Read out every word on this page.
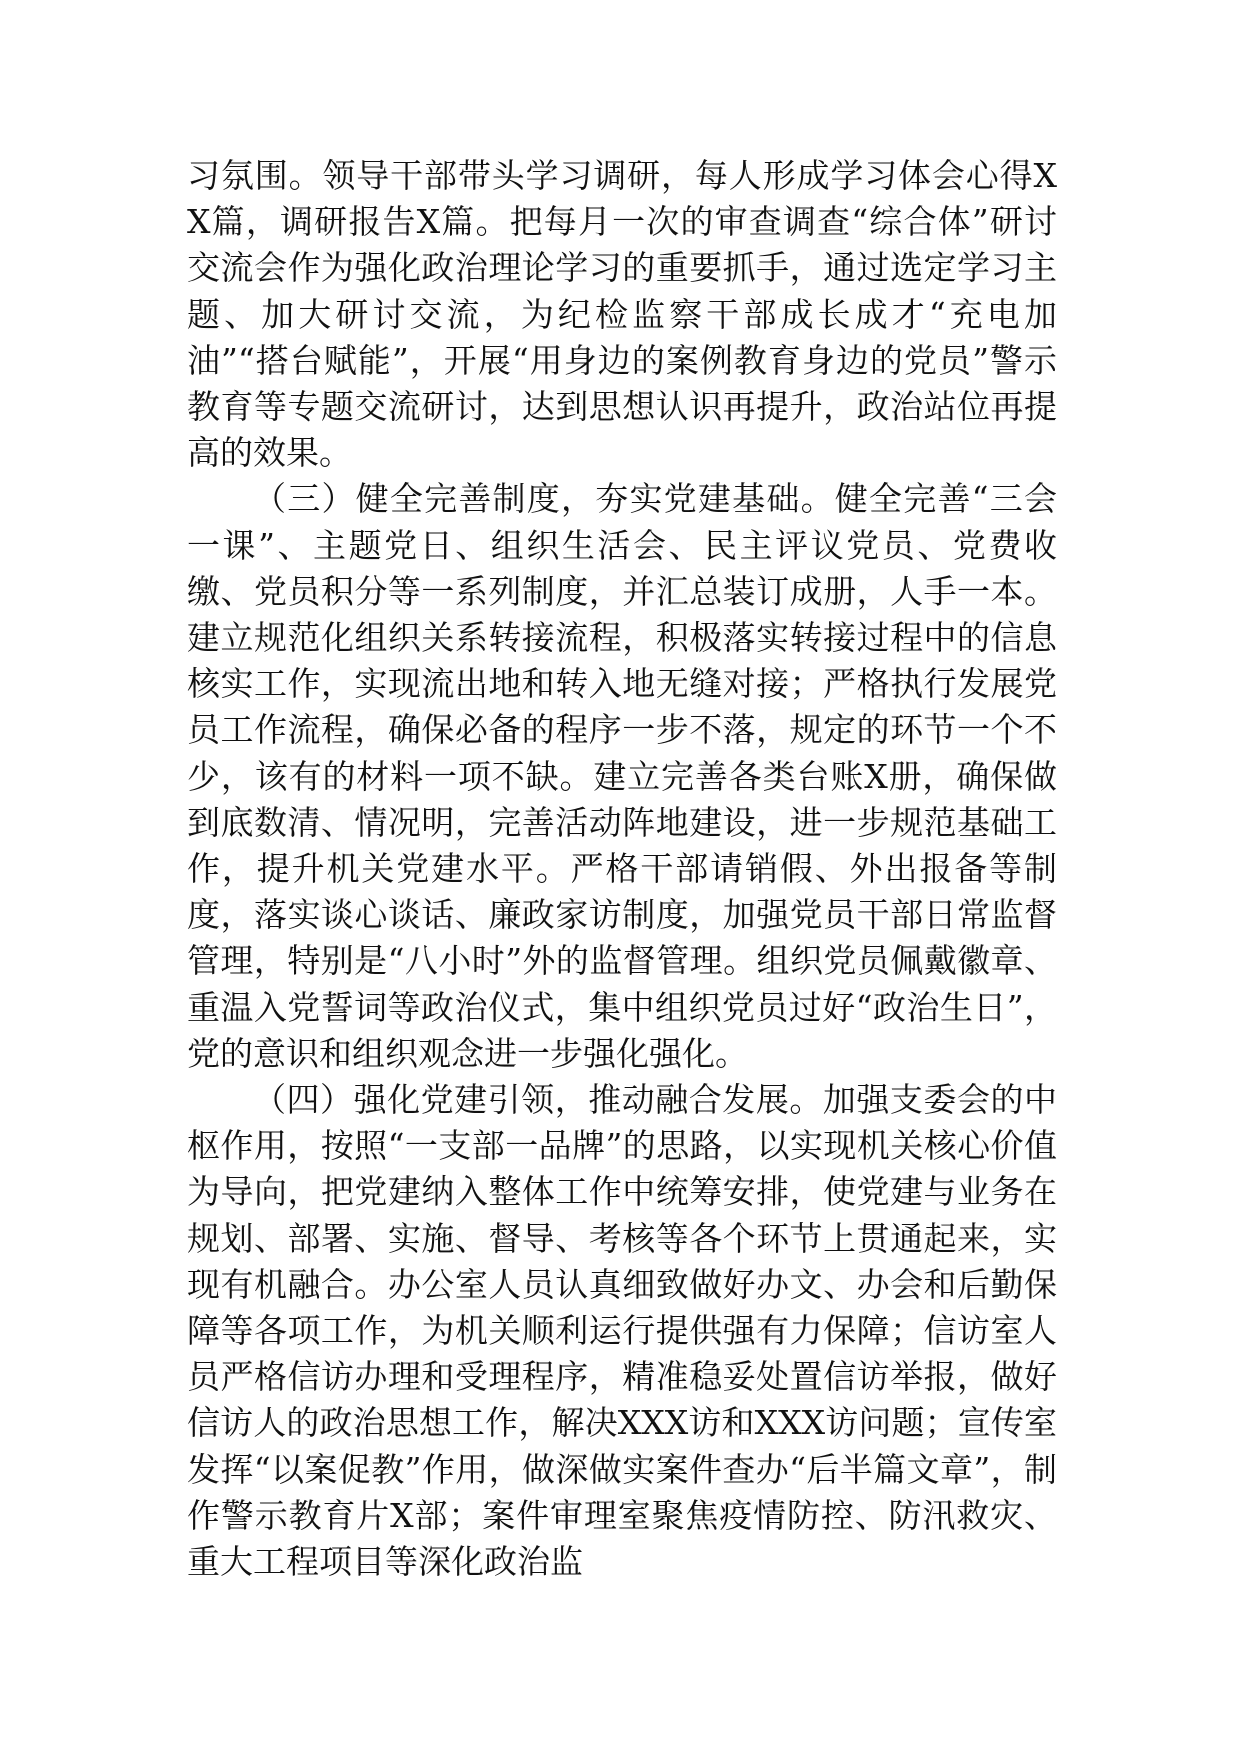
习氛围。领导干部带头学习调研，每人形成学习体会心得XX篇，调研报告X篇。把每月一次的审查调查“综合体”研讨交流会作为强化政治理论学习的重要抓手，通过选定学习主题、加大研讨交流，为纪检监察干部成长成才“充电加油”“搭台赋能”，开展“用身边的案例教育身边的党员”警示教育等专题交流研讨，达到思想认识再提升，政治站位再提高的效果。

（三）健全完善制度，夯实党建基础。健全完善“三会一课”、主题党日、组织生活会、民主评议党员、党费收缴、党员积分等一系列制度，并汇总装订成册，人手一本。建立规范化组织关系转接流程，积极落实转接过程中的信息核实工作，实现流出地和转入地无缝对接；严格执行发展党员工作流程，确保必备的程序一步不落，规定的环节一个不少，该有的材料一项不缺。建立完善各类台账X册，确保做到底数清、情况明，完善活动阵地建设，进一步规范基础工作，提升机关党建水平。严格干部请销假、外出报备等制度，落实谈心谈话、廉政家访制度，加强党员干部日常监督管理，特别是“八小时”外的监督管理。组织党员佩戴徽章、重温入党誓词等政治仪式，集中组织党员过好“政治生日”，党的意识和组织观念进一步强化强化。

（四）强化党建引领，推动融合发展。加强支委会的中枢作用，按照“一支部一品牌”的思路，以实现机关核心价值为导向，把党建纳入整体工作中统筹安排，使党建与业务在规划、部署、实施、督导、考核等各个环节上贯通起来，实现有机融合。办公室人员认真细致做好办文、办会和后勤保障等各项工作，为机关顺利运行提供强有力保障；信访室人员严格信访办理和受理程序，精准稳妥处置信访举报，做好信访人的政治思想工作，解决XXX访和XXX访问题；宣传室发挥“以案促教”作用，做深做实案件查办“后半篇文章”，制作警示教育片X部；案件审理室聚焦疫情防控、防汛救灾、重大工程项目等深化政治监
